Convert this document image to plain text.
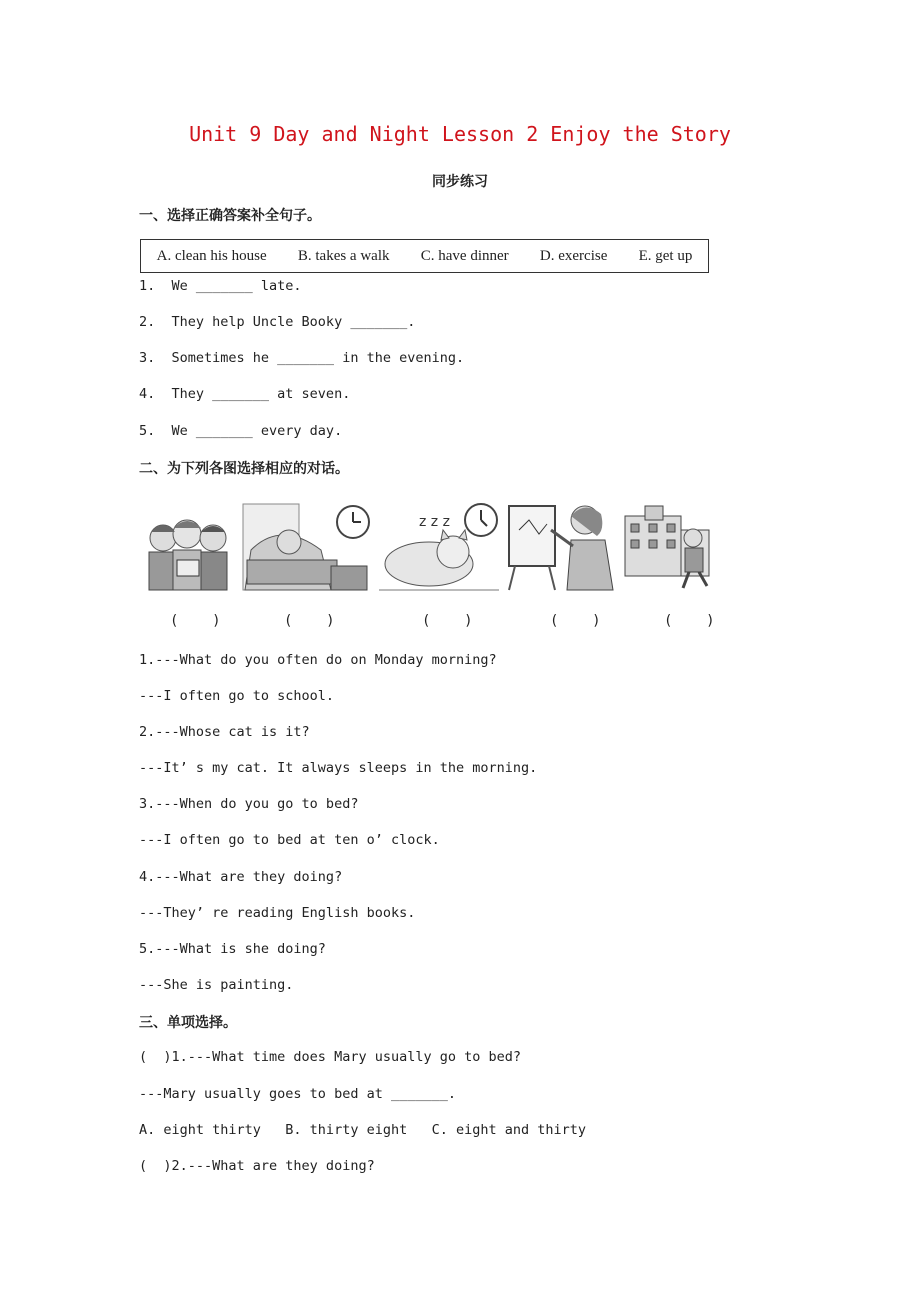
Unit 9 Day and Night Lesson 2 Enjoy the Story
同步练习
一、选择正确答案补全句子。
A. clean his house B. takes a walk C. have dinner D. exercise E. get up
1.  We _______ late.
2.  They help Uncle Booky _______.
3.  Sometimes he _______ in the evening.
4.  They _______ at seven.
5.  We _______ every day.
二、为下列各图选择相应的对话。
z z z
(    )	(    )	(    )	(    )	(    )
1.---What do you often do on Monday morning?
---I often go to school.
2.---Whose cat is it?
---It’ s my cat. It always sleeps in the morning.
3.---When do you go to bed?
---I often go to bed at ten o’ clock.
4.---What are they doing?
---They’ re reading English books.
5.---What is she doing?
---She is painting.
三、单项选择。
(  )1.---What time does Mary usually go to bed?
---Mary usually goes to bed at _______.
A. eight thirty   B. thirty eight   C. eight and thirty
(  )2.---What are they doing?
